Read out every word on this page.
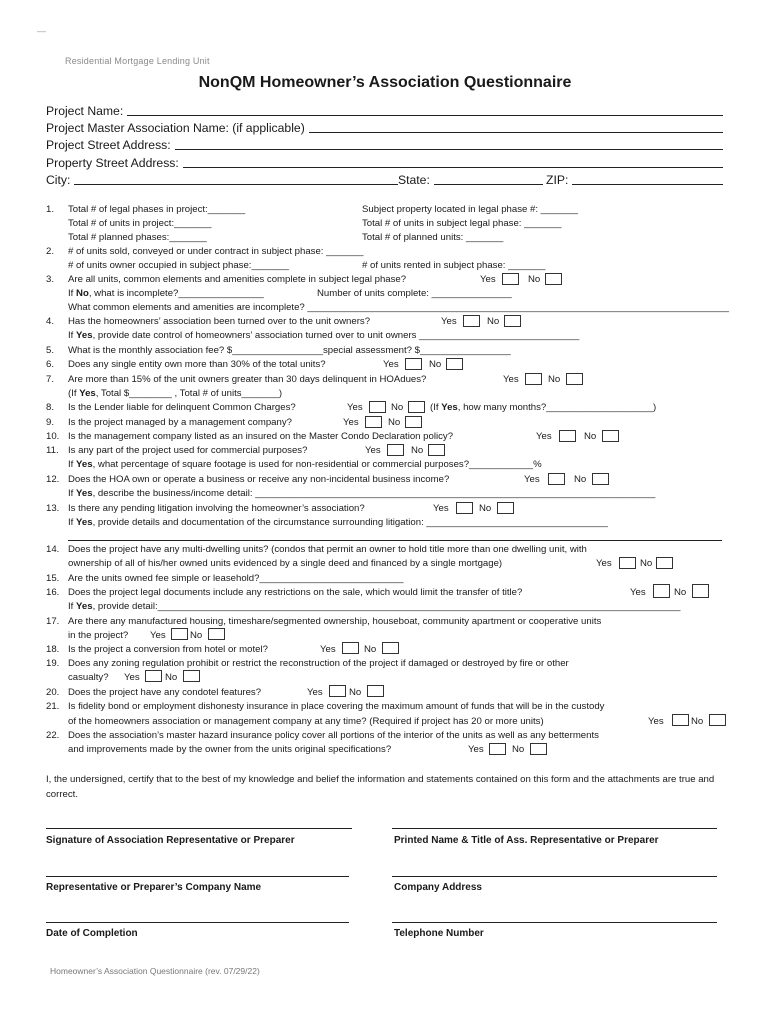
—
Residential Mortgage Lending Unit
NonQM Homeowner’s Association Questionnaire
Project Name:
Project Master Association Name: (if applicable)
Project Street Address:
Property Street Address:
City:	State:	ZIP:
1. Total # of legal phases in project:_______	Subject property located in legal phase #: _______
Total # of units in project:_______	Total # of units in subject legal phase: _______
Total # planned phases:_______	Total # of planned units: _______
2. # of units sold, conveyed or under contract in subject phase: _______
# of units owner occupied in subject phase:_______	# of units rented in subject phase: _______
3. Are all units, common elements and amenities complete in subject legal phase?	Yes	No
If No, what is incomplete?________________	Number of units complete: _______________
What common elements and amenities are incomplete? _______________________________________________________________________________
4. Has the homeowners’ association been turned over to the unit owners?	Yes	No
If Yes, provide date control of homeowners’ association turned over to unit owners ______________________________
5. What is the monthly association fee? $_________________special assessment? $_________________
6. Does any single entity own more than 30% of the total units?	Yes	No
7. Are more than 15% of the unit owners greater than 30 days delinquent in HOAdues?	Yes	No
(If Yes, Total $________ , Total # of units_______)
8. Is the Lender liable for delinquent Common Charges?	Yes	No	(If Yes, how many months?____________________)
9. Is the project managed by a management company?	Yes	No
10. Is the management company listed as an insured on the Master Condo Declaration policy?	Yes	No
11. Is any part of the project used for commercial purposes?	Yes	No
If Yes, what percentage of square footage is used for non-residential or commercial purposes?____________%
12. Does the HOA own or operate a business or receive any non-incidental business income?	Yes	No
If Yes, describe the business/income detail: ___________________________________________________________________________
13. Is there any pending litigation involving the homeowner’s association?	Yes	No
If Yes, provide details and documentation of the circumstance surrounding litigation: __________________________________
14. Does the project have any multi-dwelling units? (condos that permit an owner to hold title more than one dwelling unit, with
ownership of all of his/her owned units evidenced by a single deed and financed by a single mortgage)	Yes	No
15. Are the units owned fee simple or leasehold?___________________________
16. Does the project legal documents include any restrictions on the sale, which would limit the transfer of title?	Yes	No
If Yes, provide detail:__________________________________________________________________________________________________
17. Are there any manufactured housing, timeshare/segmented ownership, houseboat, community apartment or cooperative units
in the project? Yes	No
18. Is the project a conversion from hotel or motel?	Yes	No
19. Does any zoning regulation prohibit or restrict the reconstruction of the project if damaged or destroyed by fire or other
casualty? Yes	No
20. Does the project have any condotel features?	Yes	No
21. Is fidelity bond or employment dishonesty insurance in place covering the maximum amount of funds that will be in the custody
of the homeowners association or management company at any time? (Required if project has 20 or more units)	Yes	No
22. Does the association’s master hazard insurance policy cover all portions of the interior of the units as well as any betterments
and improvements made by the owner from the units original specifications?	Yes	No
I, the undersigned, certify that to the best of my knowledge and belief the information and statements contained on this form and the attachments are true and correct.
Signature of Association Representative or Preparer	Printed Name & Title of Ass. Representative or Preparer
Representative or Preparer’s Company Name	Company Address
Date of Completion	Telephone Number
Homeowner’s Association Questionnaire (rev. 07/29/22)
